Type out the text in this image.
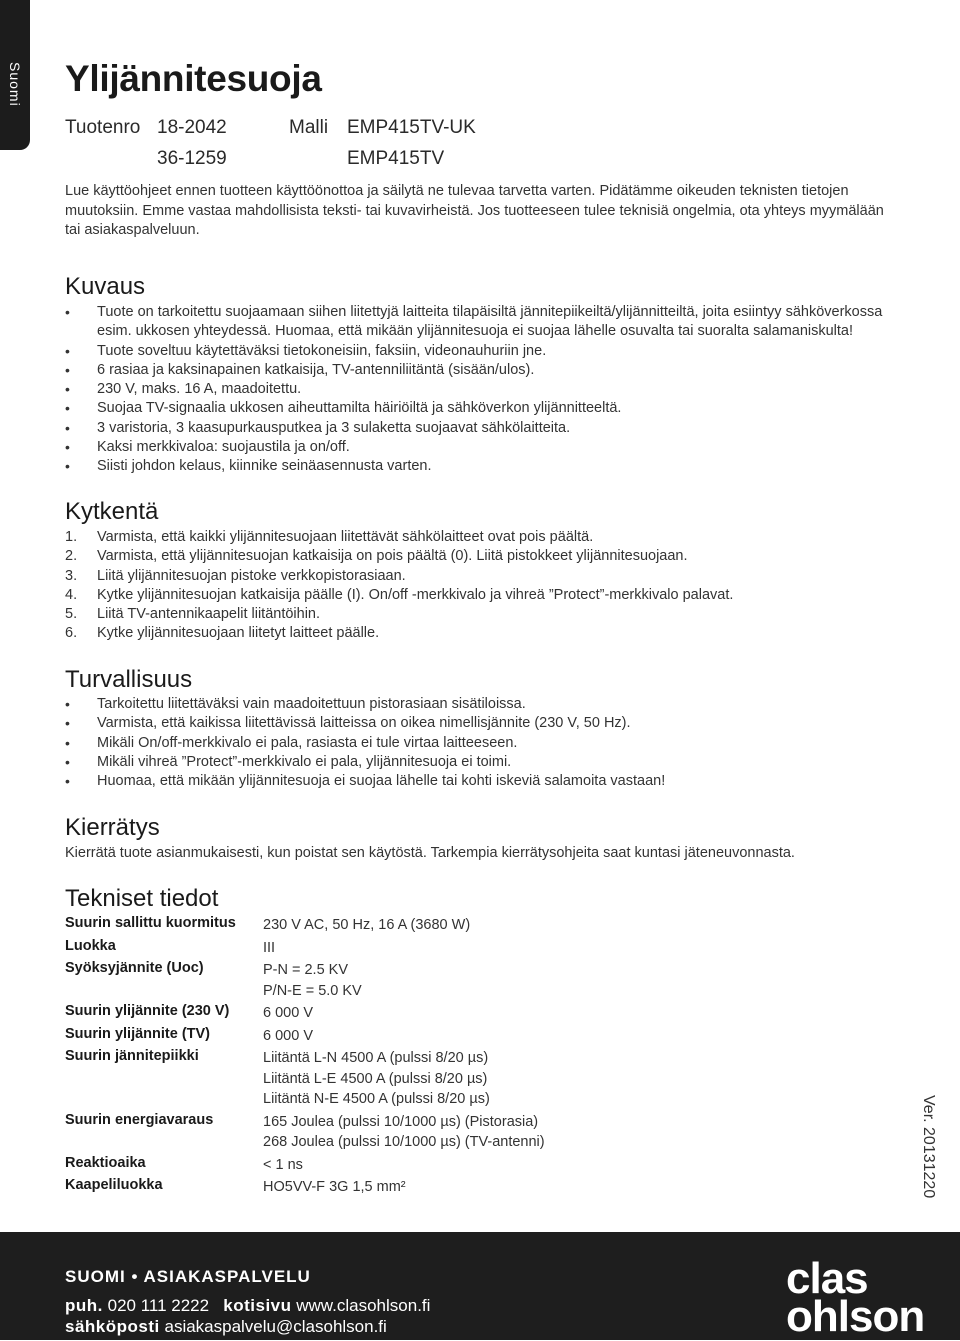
Suomi Ylijännitesuoja
Tuotenro 18-2042	Malli EMP415TV-UK
36-1259	EMP415TV

Lue käyttöohjeet ennen tuotteen käyttöönottoa ja säilytä ne tulevaa tarvetta varten. Pidätämme oikeuden teknisten tietojen muutoksiin. Emme vastaa mahdollisista teksti- tai kuvavirheistä. Jos tuotteeseen tulee teknisiä ongelmia, ota yhteys myymälään tai asiakaspalveluun.

Kuvaus
• Tuote on tarkoitettu suojaamaan siihen liitettyjä laitteita tilapäisiltä jännitepiikeiltä/ylijännitteiltä, joita esiintyy sähköverkossa esim. ukkosen yhteydessä. Huomaa, että mikään ylijännitesuoja ei suojaa lähelle osuvalta tai suoralta salamaniskulta!
• Tuote soveltuu käytettäväksi tietokoneisiin, faksiin, videonauhuriin jne.
• 6 rasiaa ja kaksinapainen katkaisija, TV-antenniliitäntä (sisään/ulos).
• 230 V, maks. 16 A, maadoitettu.
• Suojaa TV-signaalia ukkosen aiheuttamilta häiriöiltä ja sähköverkon ylijännitteeltä.
• 3 varistoria, 3 kaasupurkausputkea ja 3 sulaketta suojaavat sähkölaitteita.
• Kaksi merkkivaloa: suojaustila ja on/off.
• Siisti johdon kelaus, kiinnike seinäasennusta varten.
Kytkentä
1. Varmista, että kaikki ylijännitesuojaan liitettävät sähkölaitteet ovat pois päältä.
2. Varmista, että ylijännitesuojan katkaisija on pois päältä (0). Liitä pistokkeet ylijännitesuojaan.
3. Liitä ylijännitesuojan pistoke verkkopistorasiaan.
4. Kytke ylijännitesuojan katkaisija päälle (I). On/off -merkkivalo ja vihreä ”Protect”-merkkivalo palavat.
5. Liitä TV-antennikaapelit liitäntöihin.
6. Kytke ylijännitesuojaan liitetyt laitteet päälle.
Turvallisuus
• Tarkoitettu liitettäväksi vain maadoitettuun pistorasiaan sisätiloissa.
• Varmista, että kaikissa liitettävissä laitteissa on oikea nimellisjännite (230 V, 50 Hz).
• Mikäli On/off-merkkivalo ei pala, rasiasta ei tule virtaa laitteeseen.
• Mikäli vihreä ”Protect”-merkkivalo ei pala, ylijännitesuoja ei toimi.
• Huomaa, että mikään ylijännitesuoja ei suojaa lähelle tai kohti iskeviä salamoita vastaan!
Kierrätys
Kierrätä tuote asianmukaisesti, kun poistat sen käytöstä. Tarkempia kierrätysohjeita saat kuntasi jäteneuvonnasta.
Tekniset tiedot
Suurin sallittu kuormitus 230 V AC, 50 Hz, 16 A (3680 W)
Luokka	III
Syöksyjännite (Uoc)	P-N = 2.5 KV
P/N-E = 5.0 KV
Suurin ylijännite (230 V) 6 000 V
Suurin ylijännite (TV)	6 000 V
Suurin jännitepiikki	Liitäntä L-N 4500 A (pulssi 8/20 µs)
Liitäntä L-E 4500 A (pulssi 8/20 µs)
Liitäntä N-E 4500 A (pulssi 8/20 µs)
Suurin energiavaraus	165 Joulea (pulssi 10/1000 µs) (Pistorasia)
268 Joulea (pulssi 10/1000 µs) (TV-antenni)
Reaktioaika	< 1 ns
Kaapeliluokka	HO5VV-F 3G 1,5 mm²	Ver. 20131220
SUOMI • ASIAKASPALVELU
puh. 020 111 2222 kotisivu www.clasohlson.fi
sähköposti asiakaspalvelu@clasohlson.fi
clas
ohlson
